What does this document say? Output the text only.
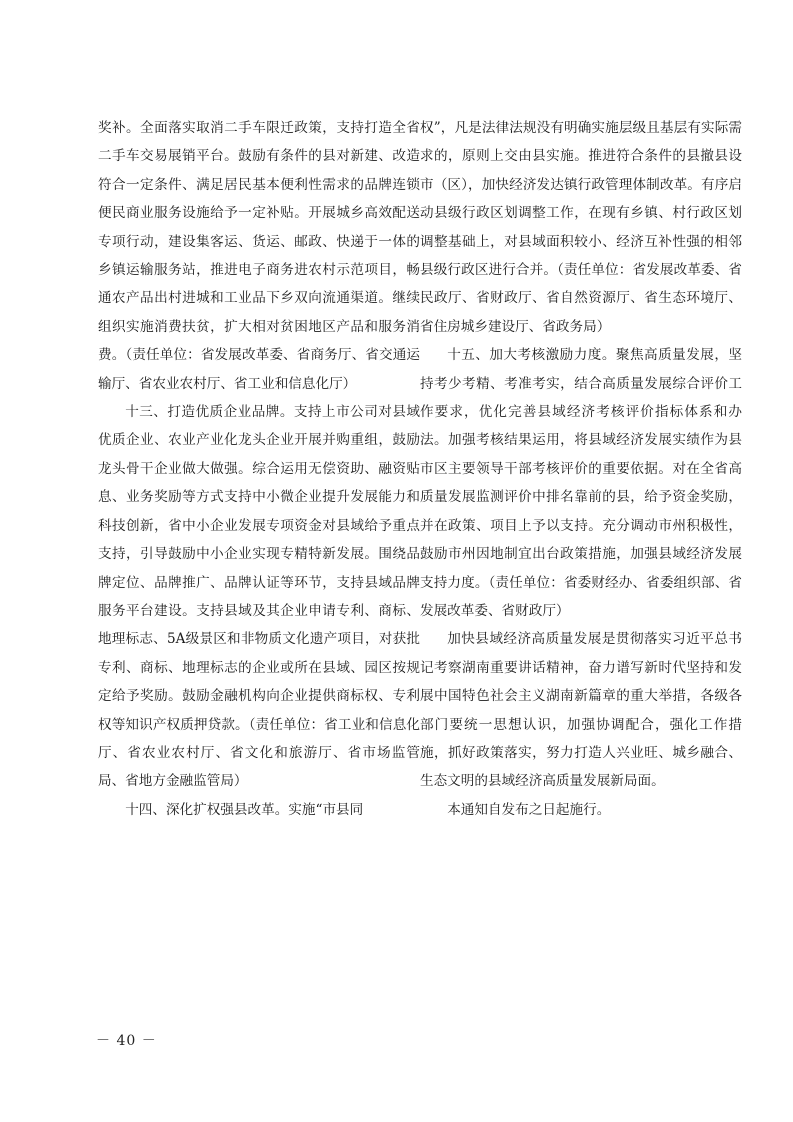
奖补。全面落实取消二手车限迁政策，支持打造全省二手车交易展销平台。鼓励有条件的县对新建、改造符合一定条件、满足居民基本便利性需求的品牌连锁便民商业服务设施给予一定补贴。开展城乡高效配送专项行动，建设集客运、货运、邮政、快递于一体的乡镇运输服务站，推进电子商务进农村示范项目，畅通农产品出村进城和工业品下乡双向流通渠道。继续组织实施消费扶贫，扩大相对贫困地区产品和服务消费。（责任单位：省发展改革委、省商务厅、省交通运输厅、省农业农村厅、省工业和信息化厅）

十三、打造优质企业品牌。支持上市公司对县域优质企业、农业产业化龙头企业开展并购重组，鼓励龙头骨干企业做大做强。综合运用无偿资助、融资贴息、业务奖励等方式支持中小微企业提升发展能力和科技创新，省中小企业发展专项资金对县域给予重点支持，引导鼓励中小企业实现专精特新发展。围绕品牌定位、品牌推广、品牌认证等环节，支持县域品牌服务平台建设。支持县域及其企业申请专利、商标、地理标志、5A级景区和非物质文化遗产项目，对获批专利、商标、地理标志的企业或所在县域、园区按规定给予奖励。鼓励金融机构向企业提供商标权、专利权等知识产权质押贷款。（责任单位：省工业和信息化厅、省农业农村厅、省文化和旅游厅、省市场监管局、省地方金融监管局）

十四、深化扩权强县改革。实施“市县同

权”，凡是法律法规没有明确实施层级且基层有实际需求的，原则上交由县实施。推进符合条件的县撤县设市（区），加快经济发达镇行政管理体制改革。有序启动县级行政区划调整工作，在现有乡镇、村行政区划调整基础上，对县域面积较小、经济互补性强的相邻县级行政区进行合并。（责任单位：省发展改革委、省民政厅、省财政厅、省自然资源厅、省生态环境厅、省住房城乡建设厅、省政务局）

十五、加大考核激励力度。聚焦高质量发展，坚持考少考精、考准考实，结合高质量发展综合评价工作要求，优化完善县域经济考核评价指标体系和办法。加强考核结果运用，将县域经济发展实绩作为县市区主要领导干部考核评价的重要依据。对在全省高质量发展监测评价中排名靠前的县，给予资金奖励，并在政策、项目上予以支持。充分调动市州积极性，鼓励市州因地制宜出台政策措施，加强县域经济发展支持力度。（责任单位：省委财经办、省委组织部、省发展改革委、省财政厅）

加快县域经济高质量发展是贯彻落实习近平总书记考察湖南重要讲话精神，奋力谱写新时代坚持和发展中国特色社会主义湖南新篇章的重大举措，各级各部门要统一思想认识，加强协调配合，强化工作措施，抓好政策落实，努力打造人兴业旺、城乡融合、生态文明的县域经济高质量发展新局面。

本通知自发布之日起施行。

－ 40 －
